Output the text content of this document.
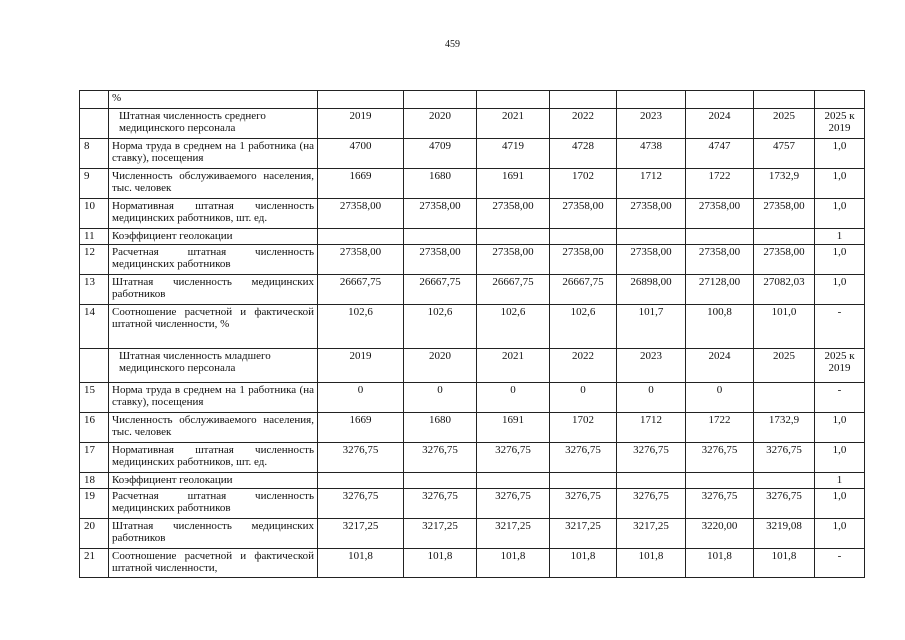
459
	%								
	Штатная численность среднего медицинского персонала	2019	2020	2021	2022	2023	2024	2025	2025 к 2019
8	Норма труда в среднем на 1 работника (на ставку), посещения	4700	4709	4719	4728	4738	4747	4757	1,0
9	Численность обслуживаемого населения, тыс. человек	1669	1680	1691	1702	1712	1722	1732,9	1,0
10	Нормативная штатная численность медицинских работников, шт. ед.	27358,00	27358,00	27358,00	27358,00	27358,00	27358,00	27358,00	1,0
11	Коэффициент геолокации								1
12	Расчетная штатная численность медицинских работников	27358,00	27358,00	27358,00	27358,00	27358,00	27358,00	27358,00	1,0
13	Штатная численность медицинских работников	26667,75	26667,75	26667,75	26667,75	26898,00	27128,00	27082,03	1,0
14	Соотношение расчетной и фактической штатной численности, %	102,6	102,6	102,6	102,6	101,7	100,8	101,0	-
	Штатная численность младшего медицинского персонала	2019	2020	2021	2022	2023	2024	2025	2025 к 2019
15	Норма труда в среднем на 1 работника (на ставку), посещения	0	0	0	0	0	0		-
16	Численность обслуживаемого населения, тыс. человек	1669	1680	1691	1702	1712	1722	1732,9	1,0
17	Нормативная штатная численность медицинских работников, шт. ед.	3276,75	3276,75	3276,75	3276,75	3276,75	3276,75	3276,75	1,0
18	Коэффициент геолокации								1
19	Расчетная штатная численность медицинских работников	3276,75	3276,75	3276,75	3276,75	3276,75	3276,75	3276,75	1,0
20	Штатная численность медицинских работников	3217,25	3217,25	3217,25	3217,25	3217,25	3220,00	3219,08	1,0
21	Соотношение расчетной и фактической штатной численности,	101,8	101,8	101,8	101,8	101,8	101,8	101,8	-
